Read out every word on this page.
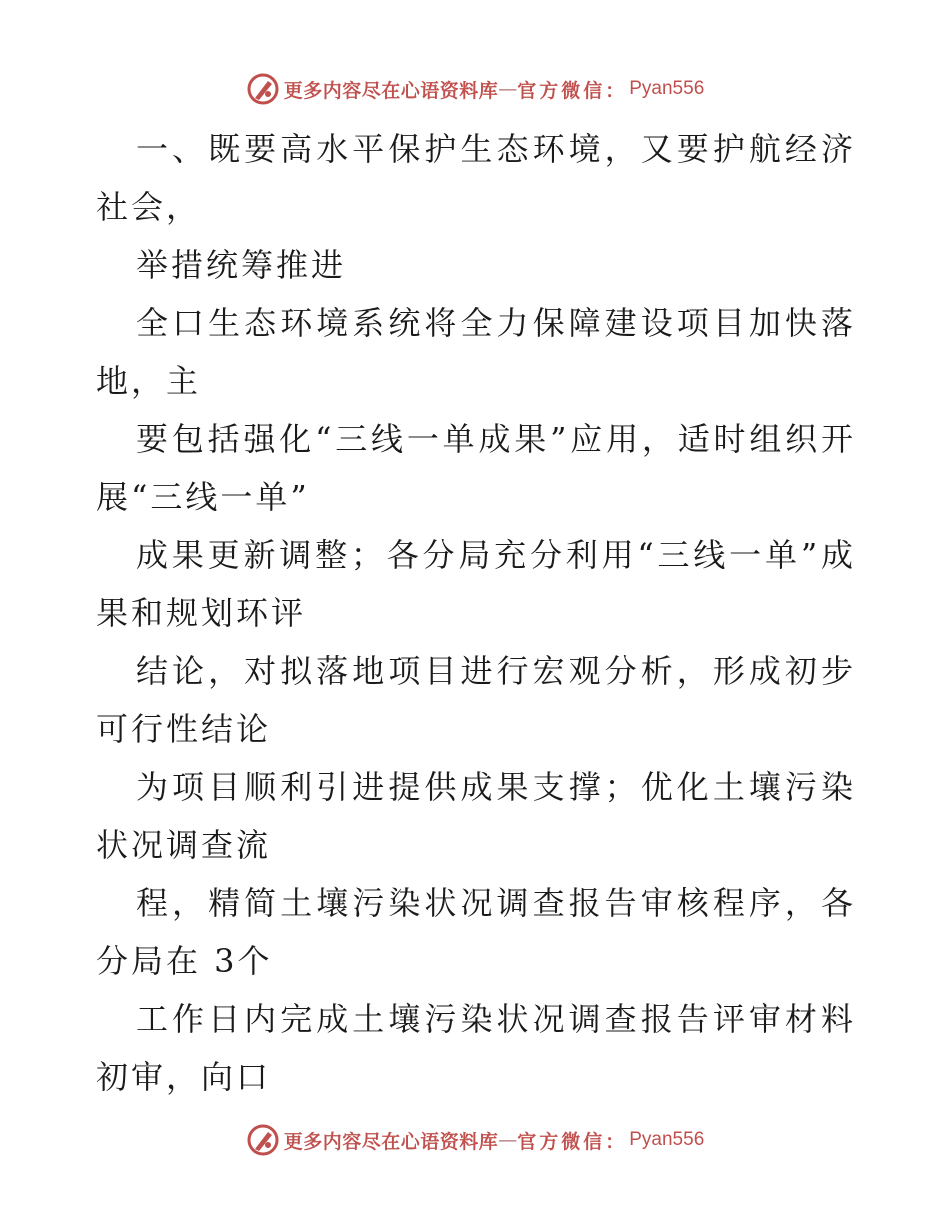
更多内容尽在心语资料库 — 官方微信： Pyan556

一、既要高水平保护生态环境，又要护航经济社会，

举措统筹推进

全口生态环境系统将全力保障建设项目加快落地，主

要包括强化“三线一单成果”应用，适时组织开展“三线一单”

成果更新调整；各分局充分利用“三线一单”成果和规划环评

结论，对拟落地项目进行宏观分析，形成初步可行性结论

为项目顺利引进提供成果支撑；优化土壤污染状况调查流

程，精简土壤污染状况调查报告审核程序，各分局在 3个

工作日内完成土壤污染状况调查报告评审材料初审，向口

更多内容尽在心语资料库 — 官方微信： Pyan556
